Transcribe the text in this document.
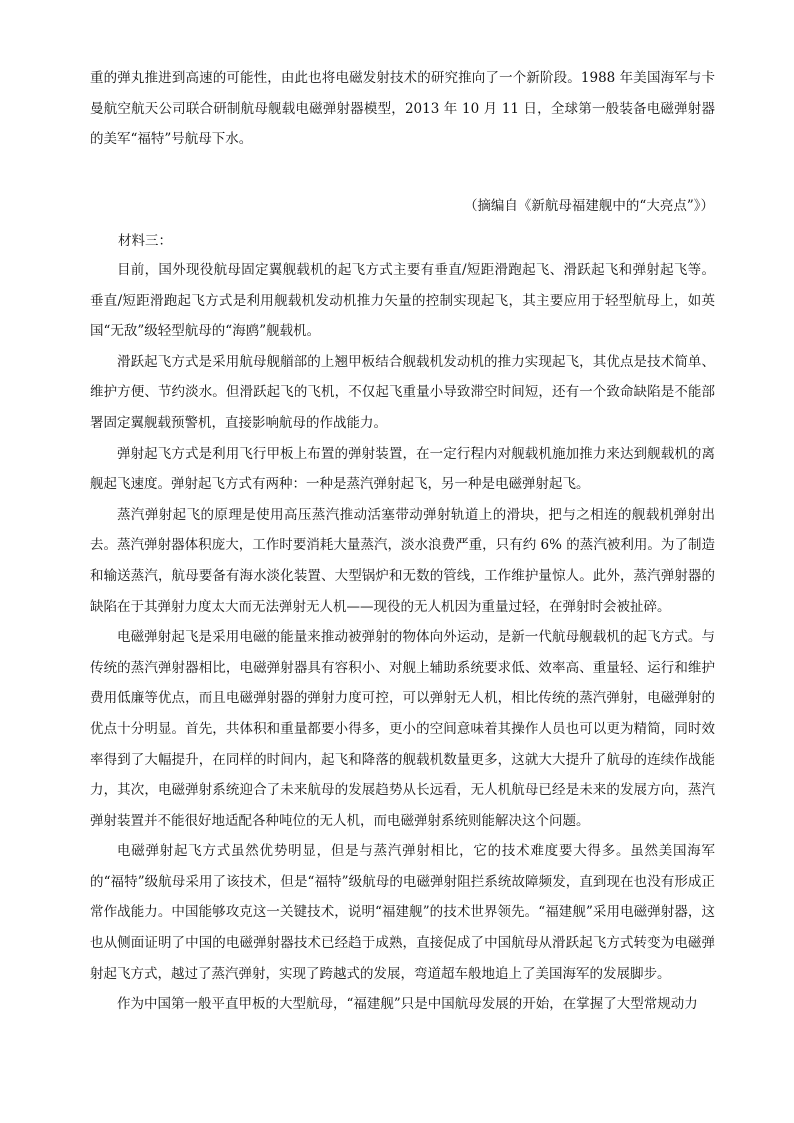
重的弹丸推进到高速的可能性，由此也将电磁发射技术的研究推向了一个新阶段。1988 年美国海军与卡曼航空航天公司联合研制航母舰载电磁弹射器模型，2013 年 10 月 11 日，全球第一般装备电磁弹射器的美军“福特”号航母下水。

（摘编自《新航母福建舰中的“大亮点”》）

材料三：

目前，国外现役航母固定翼舰载机的起飞方式主要有垂直/短距滑跑起飞、滑跃起飞和弹射起飞等。垂直/短距滑跑起飞方式是利用舰载机发动机推力矢量的控制实现起飞，其主要应用于轻型航母上，如英国“无敌”级轻型航母的“海鸥”舰载机。

滑跃起飞方式是采用航母舰艏部的上翘甲板结合舰载机发动机的推力实现起飞，其优点是技术简单、维护方便、节约淡水。但滑跃起飞的飞机，不仅起飞重量小导致滞空时间短，还有一个致命缺陷是不能部署固定翼舰载预警机，直接影响航母的作战能力。

弹射起飞方式是利用飞行甲板上布置的弹射装置，在一定行程内对舰载机施加推力来达到舰载机的离舰起飞速度。弹射起飞方式有两种：一种是蒸汽弹射起飞，另一种是电磁弹射起飞。

蒸汽弹射起飞的原理是使用高压蒸汽推动活塞带动弹射轨道上的滑块，把与之相连的舰载机弹射出去。蒸汽弹射器体积庞大，工作时要消耗大量蒸汽，淡水浪费严重，只有约 6% 的蒸汽被利用。为了制造和输送蒸汽，航母要备有海水淡化装置、大型锅炉和无数的管线，工作维护量惊人。此外，蒸汽弹射器的缺陷在于其弹射力度太大而无法弹射无人机——现役的无人机因为重量过轻，在弹射时会被扯碎。

电磁弹射起飞是采用电磁的能量来推动被弹射的物体向外运动，是新一代航母舰载机的起飞方式。与传统的蒸汽弹射器相比，电磁弹射器具有容积小、对舰上辅助系统要求低、效率高、重量轻、运行和维护费用低廉等优点，而且电磁弹射器的弹射力度可控，可以弹射无人机，相比传统的蒸汽弹射，电磁弹射的优点十分明显。首先，共体积和重量都要小得多，更小的空间意味着其操作人员也可以更为精简，同时效率得到了大幅提升，在同样的时间内，起飞和降落的舰载机数量更多，这就大大提升了航母的连续作战能力，其次，电磁弹射系统迎合了未来航母的发展趋势从长远看，无人机航母已经是未来的发展方向，蒸汽弹射装置并不能很好地适配各种吨位的无人机，而电磁弹射系统则能解决这个问题。

电磁弹射起飞方式虽然优势明显，但是与蒸汽弹射相比，它的技术难度要大得多。虽然美国海军的“福特”级航母采用了该技术，但是“福特”级航母的电磁弹射阻拦系统故障频发，直到现在也没有形成正常作战能力。中国能够攻克这一关键技术，说明“福建舰”的技术世界领先。“福建舰”采用电磁弹射器，这也从侧面证明了中国的电磁弹射器技术已经趋于成熟，直接促成了中国航母从滑跃起飞方式转变为电磁弹射起飞方式，越过了蒸汽弹射，实现了跨越式的发展，弯道超车般地追上了美国海军的发展脚步。

作为中国第一般平直甲板的大型航母，“福建舰”只是中国航母发展的开始，在掌握了大型常规动力
